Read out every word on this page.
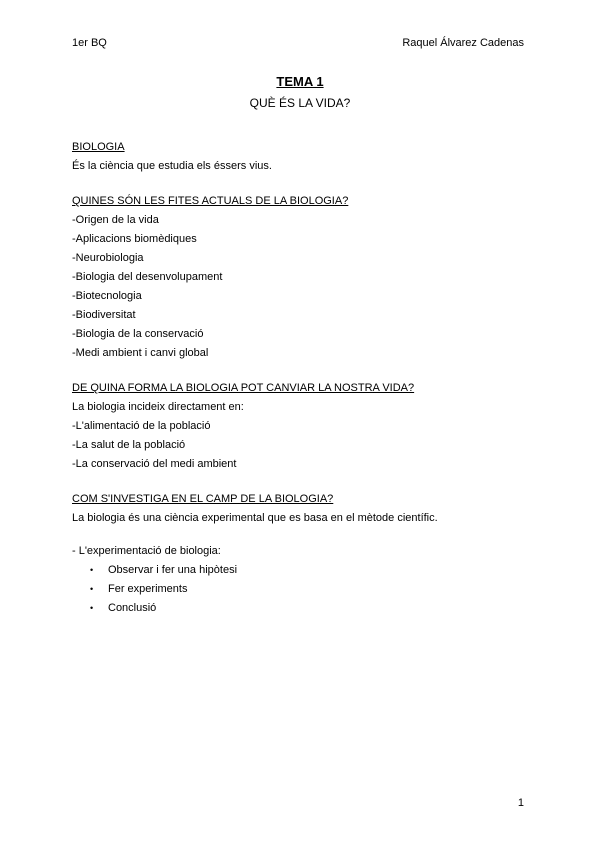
1er BQ	Raquel Álvarez Cadenas
TEMA 1
QUÈ ÉS LA VIDA?
BIOLOGIA
És la ciència que estudia els éssers vius.
QUINES SÓN LES FITES ACTUALS DE LA BIOLOGIA?
-Origen de la vida
-Aplicacions biomèdiques
-Neurobiologia
-Biologia del desenvolupament
-Biotecnologia
-Biodiversitat
-Biologia de la conservació
-Medi ambient i canvi global
DE QUINA FORMA LA BIOLOGIA POT CANVIAR LA NOSTRA VIDA?
La biologia incideix directament en:
-L'alimentació de la població
-La salut de la població
-La conservació del medi ambient
COM S'INVESTIGA EN EL CAMP DE LA BIOLOGIA?
La biologia és una ciència experimental que es basa en el mètode científic.
- L'experimentació de biologia:
• Observar i fer una hipòtesi
• Fer experiments
• Conclusió
1
